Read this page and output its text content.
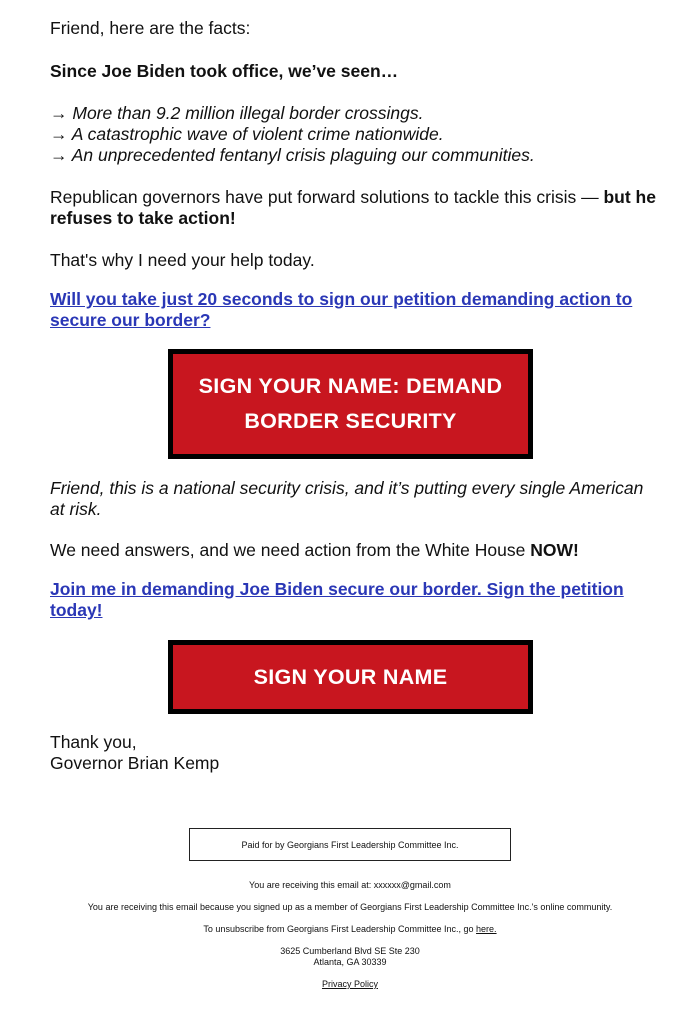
Friend, here are the facts:

Since Joe Biden took office, we’ve seen…

→ More than 9.2 million illegal border crossings.

→ A catastrophic wave of violent crime nationwide.

→ An unprecedented fentanyl crisis plaguing our communities.

Republican governors have put forward solutions to tackle this crisis — but he refuses to take action!

That's why I need your help today.

Will you take just 20 seconds to sign our petition demanding action to secure our border?
SIGN YOUR NAME: DEMAND
BORDER SECURITY

Friend, this is a national security crisis, and it’s putting every single American at risk.

We need answers, and we need action from the White House NOW!

Join me in demanding Joe Biden secure our border. Sign the petition today!
SIGN YOUR NAME

Thank you,

Governor Brian Kemp

Paid for by Georgians First Leadership Committee Inc.
You are receiving this email at: xxxxxx@gmail.com
You are receiving this email because you signed up as a member of Georgians First Leadership Committee Inc.'s online community.
To unsubscribe from Georgians First Leadership Committee Inc., go here.
3625 Cumberland Blvd SE Ste 230
Atlanta, GA 30339
Privacy Policy
